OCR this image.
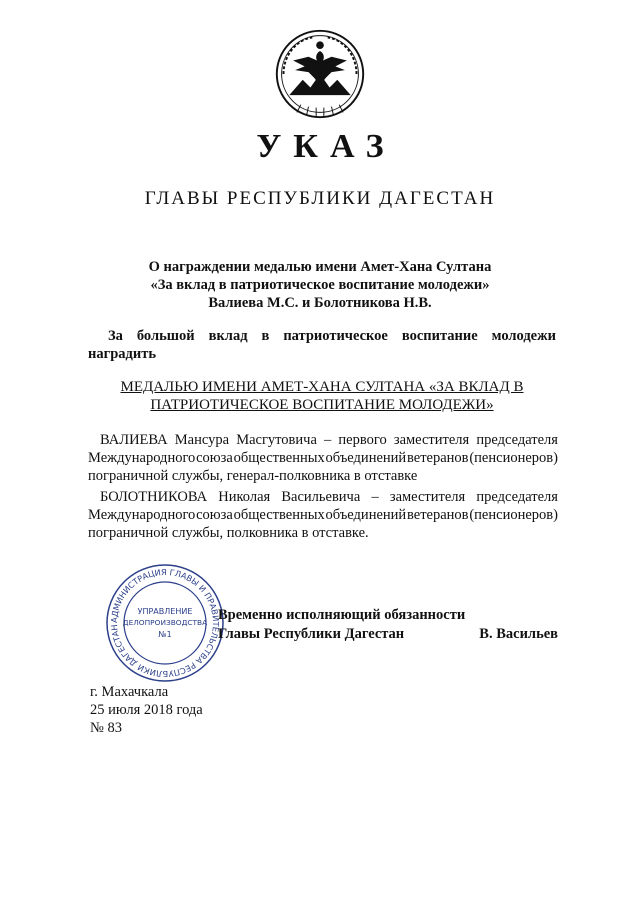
УКАЗ
ГЛАВЫ РЕСПУБЛИКИ ДАГЕСТАН
О награждении медалью имени Амет-Хана Султана
«За вклад в патриотическое воспитание молодежи»
Валиева М.С. и Болотникова Н.В.
За большой вклад в патриотическое воспитание молодежи
наградить
МЕДАЛЬЮ ИМЕНИ АМЕТ-ХАНА СУЛТАНА «ЗА ВКЛАД В
ПАТРИОТИЧЕСКОЕ ВОСПИТАНИЕ МОЛОДЕЖИ»
ВАЛИЕВА Мансура Масгутовича – первого заместителя председателя
Международного союза общественных объединений ветеранов (пенсионеров)
пограничной службы, генерал-полковника в отставке
БОЛОТНИКОВА Николая Васильевича – заместителя председателя
Международного союза общественных объединений ветеранов (пенсионеров)
пограничной службы, полковника в отставке.
АДМИНИСТРАЦИЯ ГЛАВЫ И ПРАВИТЕЛЬСТВА РЕСПУБЛИКИ ДАГЕСТАН
УПРАВЛЕНИЕ
ДЕЛОПРОИЗВОДСТВА
№1
Временно исполняющий обязанности
Главы Республики Дагестан	В. Васильев
г. Махачкала
25 июля 2018 года
№ 83
